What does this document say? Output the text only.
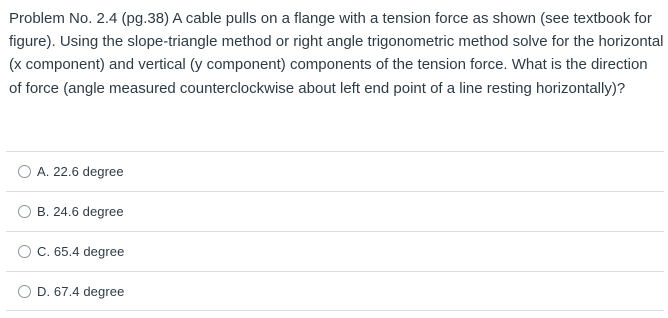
Problem No. 2.4 (pg.38) A cable pulls on a flange with a tension force as shown (see textbook for figure). Using the slope-triangle method or right angle trigonometric method solve for the horizontal (x component) and vertical (y component) components of the tension force. What is the direction of force (angle measured counterclockwise about left end point of a line resting horizontally)?
A. 22.6 degree
B. 24.6 degree
C. 65.4 degree
D. 67.4 degree
